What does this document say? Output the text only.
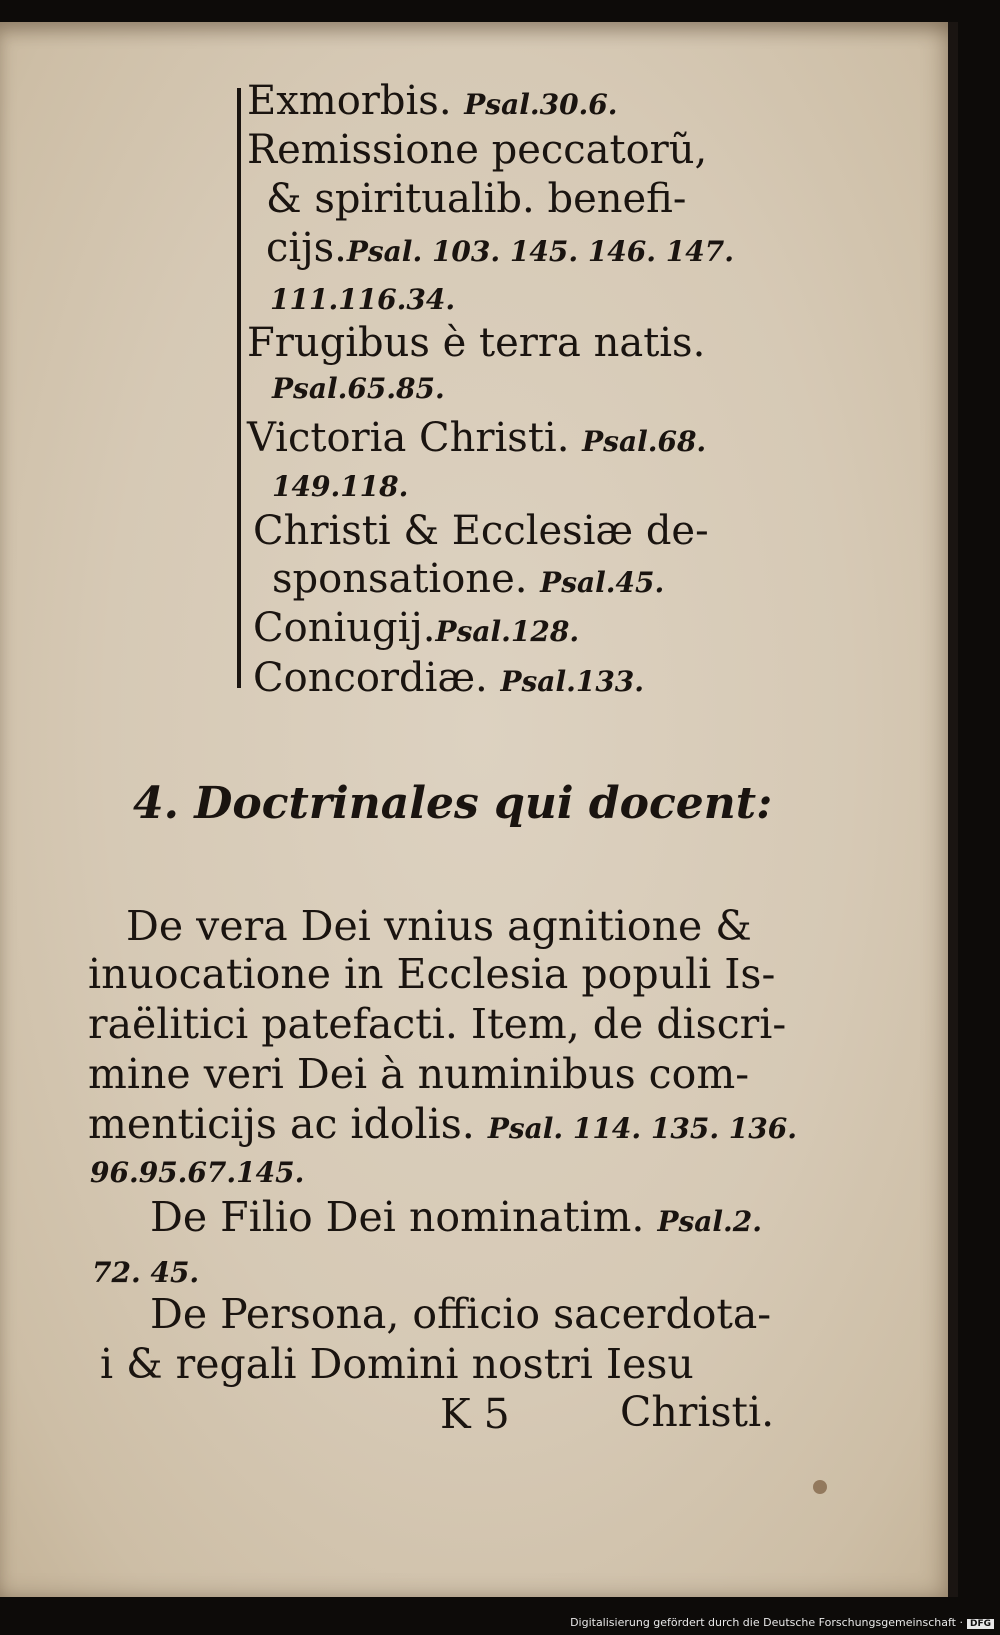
Exmorbis. Psal.30.6.
Remissione peccatorũ,
& spiritualib. benefi-
cijs.Psal. 103. 145. 146. 147.
111.116.34.
Frugibus è terra natis.
Psal.65.85.
Victoria Christi. Psal.68.
149.118.
Christi & Ecclesiæ de-
sponsatione. Psal.45.
Coniugij.Psal.128.
Concordiæ. Psal.133.
4. Doctrinales qui docent:
De vera Dei vnius agnitione &
inuocatione in Ecclesia populi Is-
raëlitici patefacti. Item, de discri-
mine veri Dei à numinibus com-
menticijs ac idolis. Psal. 114. 135. 136.
96.95.67.145.
De Filio Dei nominatim. Psal.2.
72. 45.
De Persona, officio sacerdota-
i & regali Domini nostri Iesu
K 5	Christi.
Digitalisierung gefördert durch die Deutsche Forschungsgemeinschaft · DFG
